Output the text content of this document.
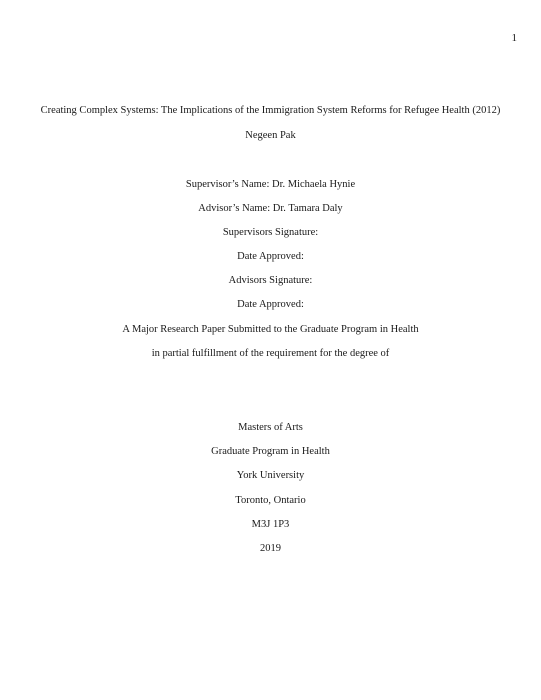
1
Creating Complex Systems: The Implications of the Immigration System Reforms for Refugee Health (2012)
Negeen Pak
Supervisor’s Name: Dr. Michaela Hynie
Advisor’s Name: Dr. Tamara Daly
Supervisors Signature:
Date Approved:
Advisors Signature:
Date Approved:
A Major Research Paper Submitted to the Graduate Program in Health
in partial fulfillment of the requirement for the degree of
Masters of Arts
Graduate Program in Health
York University
Toronto, Ontario
M3J 1P3
2019
